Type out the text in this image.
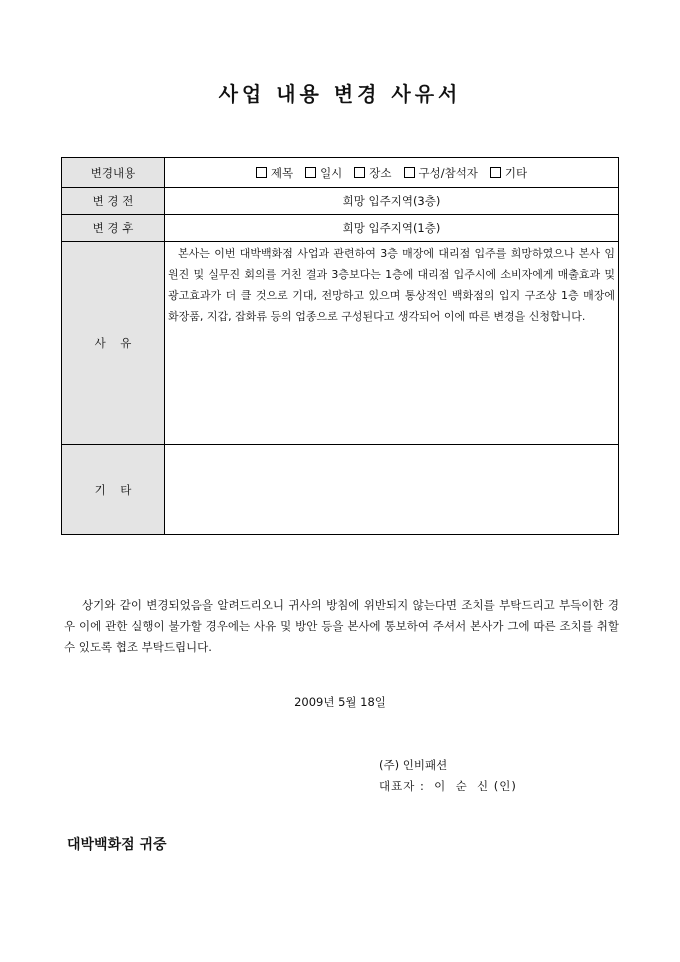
사업 내용 변경 사유서
변경내용	제목 일시 장소 구성/참석자 기타

변 경 전	희망 입주지역(3층)
변 경 후	희망 입주지역(1층)
사    유	본사는 이번 대박백화점 사업과 관련하여 3층 매장에 대리점 입주를 희망하였으나 본사 임원진 및 실무진 회의를 거친 결과 3층보다는 1층에 대리점 입주시에 소비자에게 매출효과 및 광고효과가 더 클 것으로 기대, 전망하고 있으며 통상적인 백화점의 입지 구조상 1층 매장에 화장품, 지갑, 잡화류 등의 업종으로 구성된다고 생각되어 이에 따른 변경을 신청합니다.
기    타	
상기와 같이 변경되었음을 알려드리오니 귀사의 방침에 위반되지 않는다면 조치를 부탁드리고 부득이한 경우 이에 관한 실행이 불가할 경우에는 사유 및 방안 등을 본사에 통보하여 주셔서 본사가 그에 따른 조치를 취할 수 있도록 협조 부탁드립니다.
2009년 5월 18일
(주) 인비패션
대표자 :  이  순  신 (인)
대박백화점 귀중
